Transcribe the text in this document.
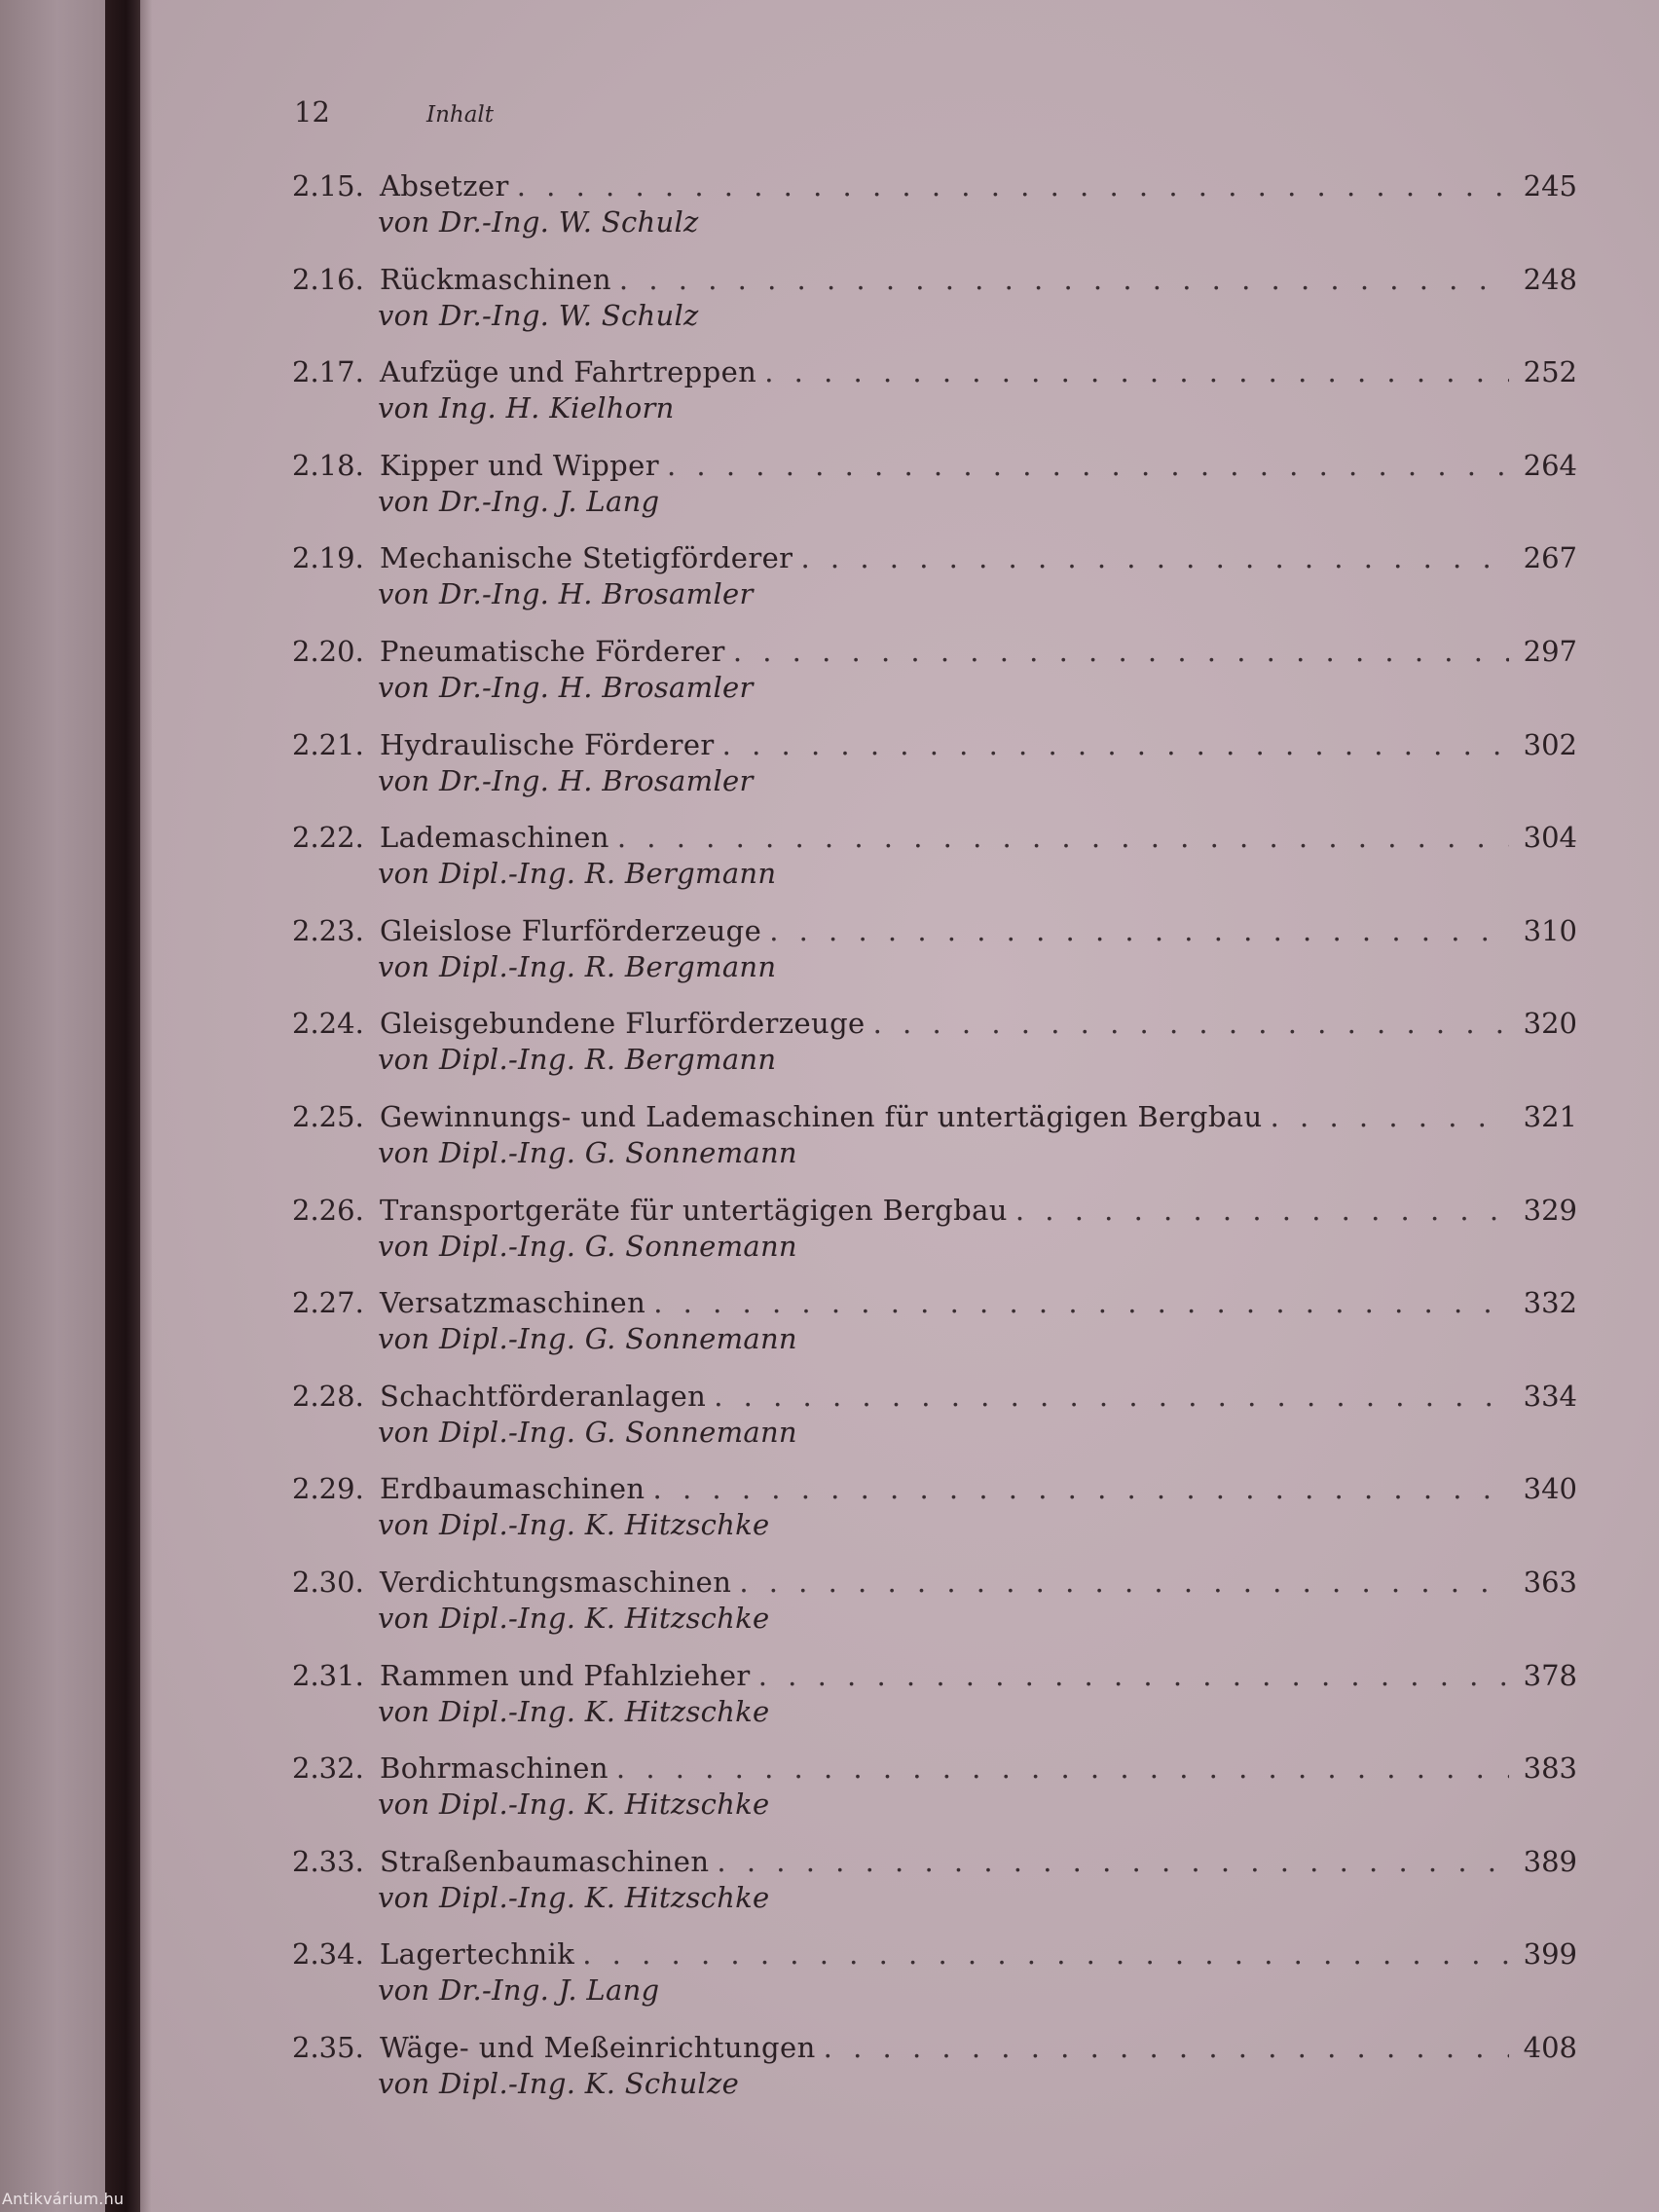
12	Inhalt
2.15. Absetzer . . .	245
von Dr.-Ing. W. Schulz
2.16. Rückmaschinen . . .	248
von Dr.-Ing. W. Schulz
2.17. Aufzüge und Fahrtreppen . . .	252
von Ing. H. Kielhorn
2.18. Kipper und Wipper . . .	264
von Dr.-Ing. J. Lang
2.19. Mechanische Stetigförderer . . .	267
von Dr.-Ing. H. Brosamler
2.20. Pneumatische Förderer . . .	297
von Dr.-Ing. H. Brosamler
2.21. Hydraulische Förderer . . .	302
von Dr.-Ing. H. Brosamler
2.22. Lademaschinen . . .	304
von Dipl.-Ing. R. Bergmann
2.23. Gleislose Flurförderzeuge . . .	310
von Dipl.-Ing. R. Bergmann
2.24. Gleisgebundene Flurförderzeuge . . .	320
von Dipl.-Ing. R. Bergmann
2.25. Gewinnungs- und Lademaschinen für untertägigen Bergbau . . .	321
von Dipl.-Ing. G. Sonnemann
2.26. Transportgeräte für untertägigen Bergbau . . .	329
von Dipl.-Ing. G. Sonnemann
2.27. Versatzmaschinen . . .	332
von Dipl.-Ing. G. Sonnemann
2.28. Schachtförderanlagen . . .	334
von Dipl.-Ing. G. Sonnemann
2.29. Erdbaumaschinen . . .	340
von Dipl.-Ing. K. Hitzschke
2.30. Verdichtungsmaschinen . . .	363
von Dipl.-Ing. K. Hitzschke
2.31. Rammen und Pfahlzieher . . .	378
von Dipl.-Ing. K. Hitzschke
2.32. Bohrmaschinen . . .	383
von Dipl.-Ing. K. Hitzschke
2.33. Straßenbaumaschinen . . .	389
von Dipl.-Ing. K. Hitzschke
2.34. Lagertechnik . . .	399
von Dr.-Ing. J. Lang
2.35. Wäge- und Meßeinrichtungen . . .	408
von Dipl.-Ing. K. Schulze
Antikvárium.hu
